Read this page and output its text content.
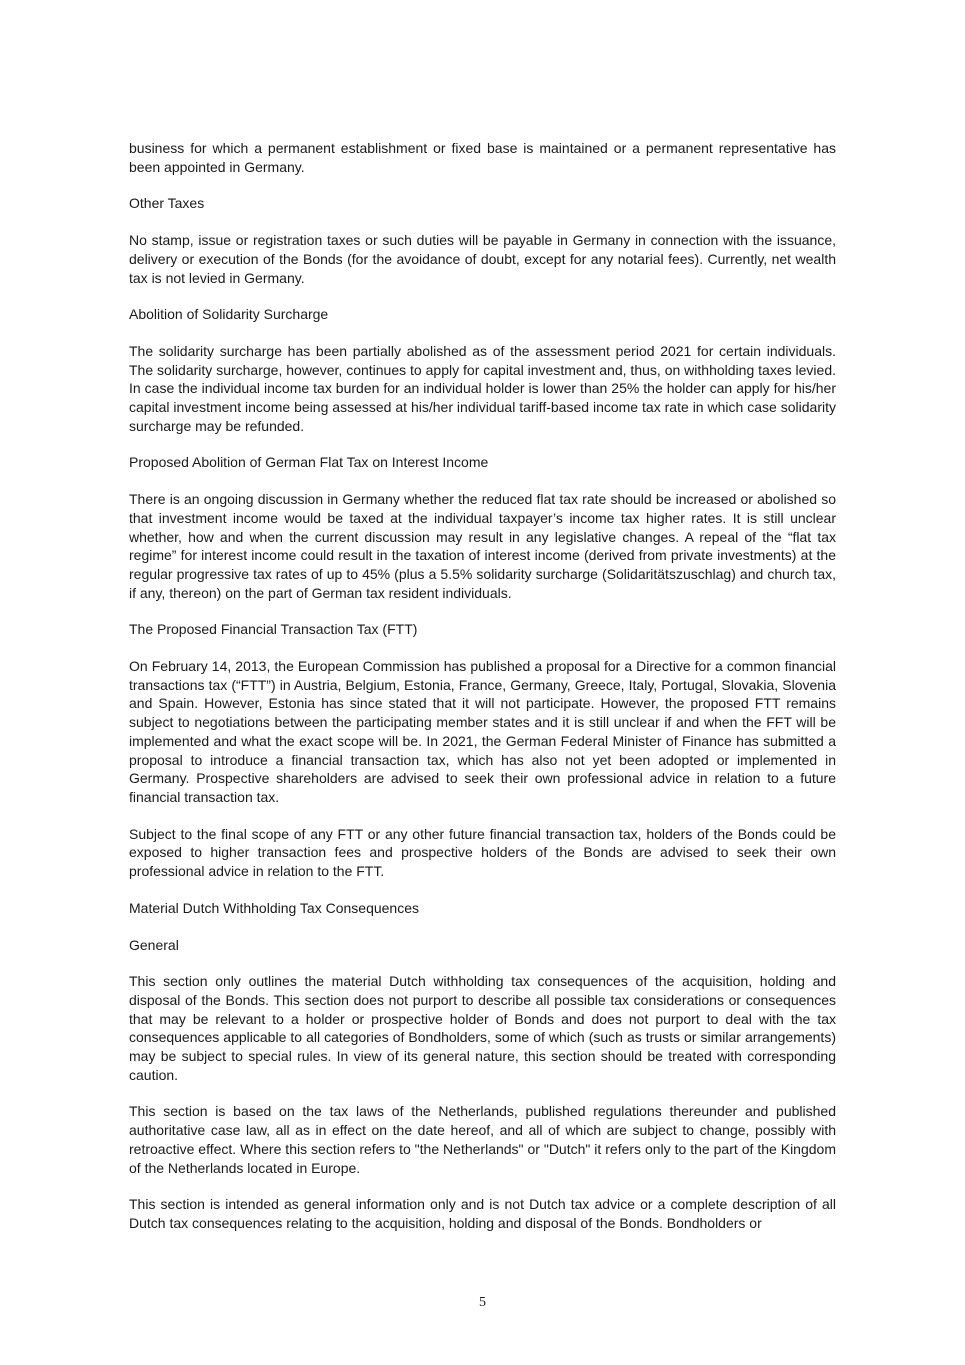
business for which a permanent establishment or fixed base is maintained or a permanent representative has been appointed in Germany.

Other Taxes

No stamp, issue or registration taxes or such duties will be payable in Germany in connection with the issuance, delivery or execution of the Bonds (for the avoidance of doubt, except for any notarial fees). Currently, net wealth tax is not levied in Germany.

Abolition of Solidarity Surcharge

The solidarity surcharge has been partially abolished as of the assessment period 2021 for certain individuals. The solidarity surcharge, however, continues to apply for capital investment and, thus, on withholding taxes levied. In case the individual income tax burden for an individual holder is lower than 25% the holder can apply for his/her capital investment income being assessed at his/her individual tariff-based income tax rate in which case solidarity surcharge may be refunded.

Proposed Abolition of German Flat Tax on Interest Income

There is an ongoing discussion in Germany whether the reduced flat tax rate should be increased or abolished so that investment income would be taxed at the individual taxpayer’s income tax higher rates. It is still unclear whether, how and when the current discussion may result in any legislative changes. A repeal of the “flat tax regime” for interest income could result in the taxation of interest income (derived from private investments) at the regular progressive tax rates of up to 45% (plus a 5.5% solidarity surcharge (Solidaritätszuschlag) and church tax, if any, thereon) on the part of German tax resident individuals.

The Proposed Financial Transaction Tax (FTT)

On February 14, 2013, the European Commission has published a proposal for a Directive for a common financial transactions tax (“FTT”) in Austria, Belgium, Estonia, France, Germany, Greece, Italy, Portugal, Slovakia, Slovenia and Spain. However, Estonia has since stated that it will not participate. However, the proposed FTT remains subject to negotiations between the participating member states and it is still unclear if and when the FFT will be implemented and what the exact scope will be. In 2021, the German Federal Minister of Finance has submitted a proposal to introduce a financial transaction tax, which has also not yet been adopted or implemented in Germany. Prospective shareholders are advised to seek their own professional advice in relation to a future financial transaction tax.

Subject to the final scope of any FTT or any other future financial transaction tax, holders of the Bonds could be exposed to higher transaction fees and prospective holders of the Bonds are advised to seek their own professional advice in relation to the FTT.

Material Dutch Withholding Tax Consequences

General

This section only outlines the material Dutch withholding tax consequences of the acquisition, holding and disposal of the Bonds. This section does not purport to describe all possible tax considerations or consequences that may be relevant to a holder or prospective holder of Bonds and does not purport to deal with the tax consequences applicable to all categories of Bondholders, some of which (such as trusts or similar arrangements) may be subject to special rules. In view of its general nature, this section should be treated with corresponding caution.

This section is based on the tax laws of the Netherlands, published regulations thereunder and published authoritative case law, all as in effect on the date hereof, and all of which are subject to change, possibly with retroactive effect. Where this section refers to "the Netherlands" or "Dutch" it refers only to the part of the Kingdom of the Netherlands located in Europe.

This section is intended as general information only and is not Dutch tax advice or a complete description of all Dutch tax consequences relating to the acquisition, holding and disposal of the Bonds. Bondholders or

5
